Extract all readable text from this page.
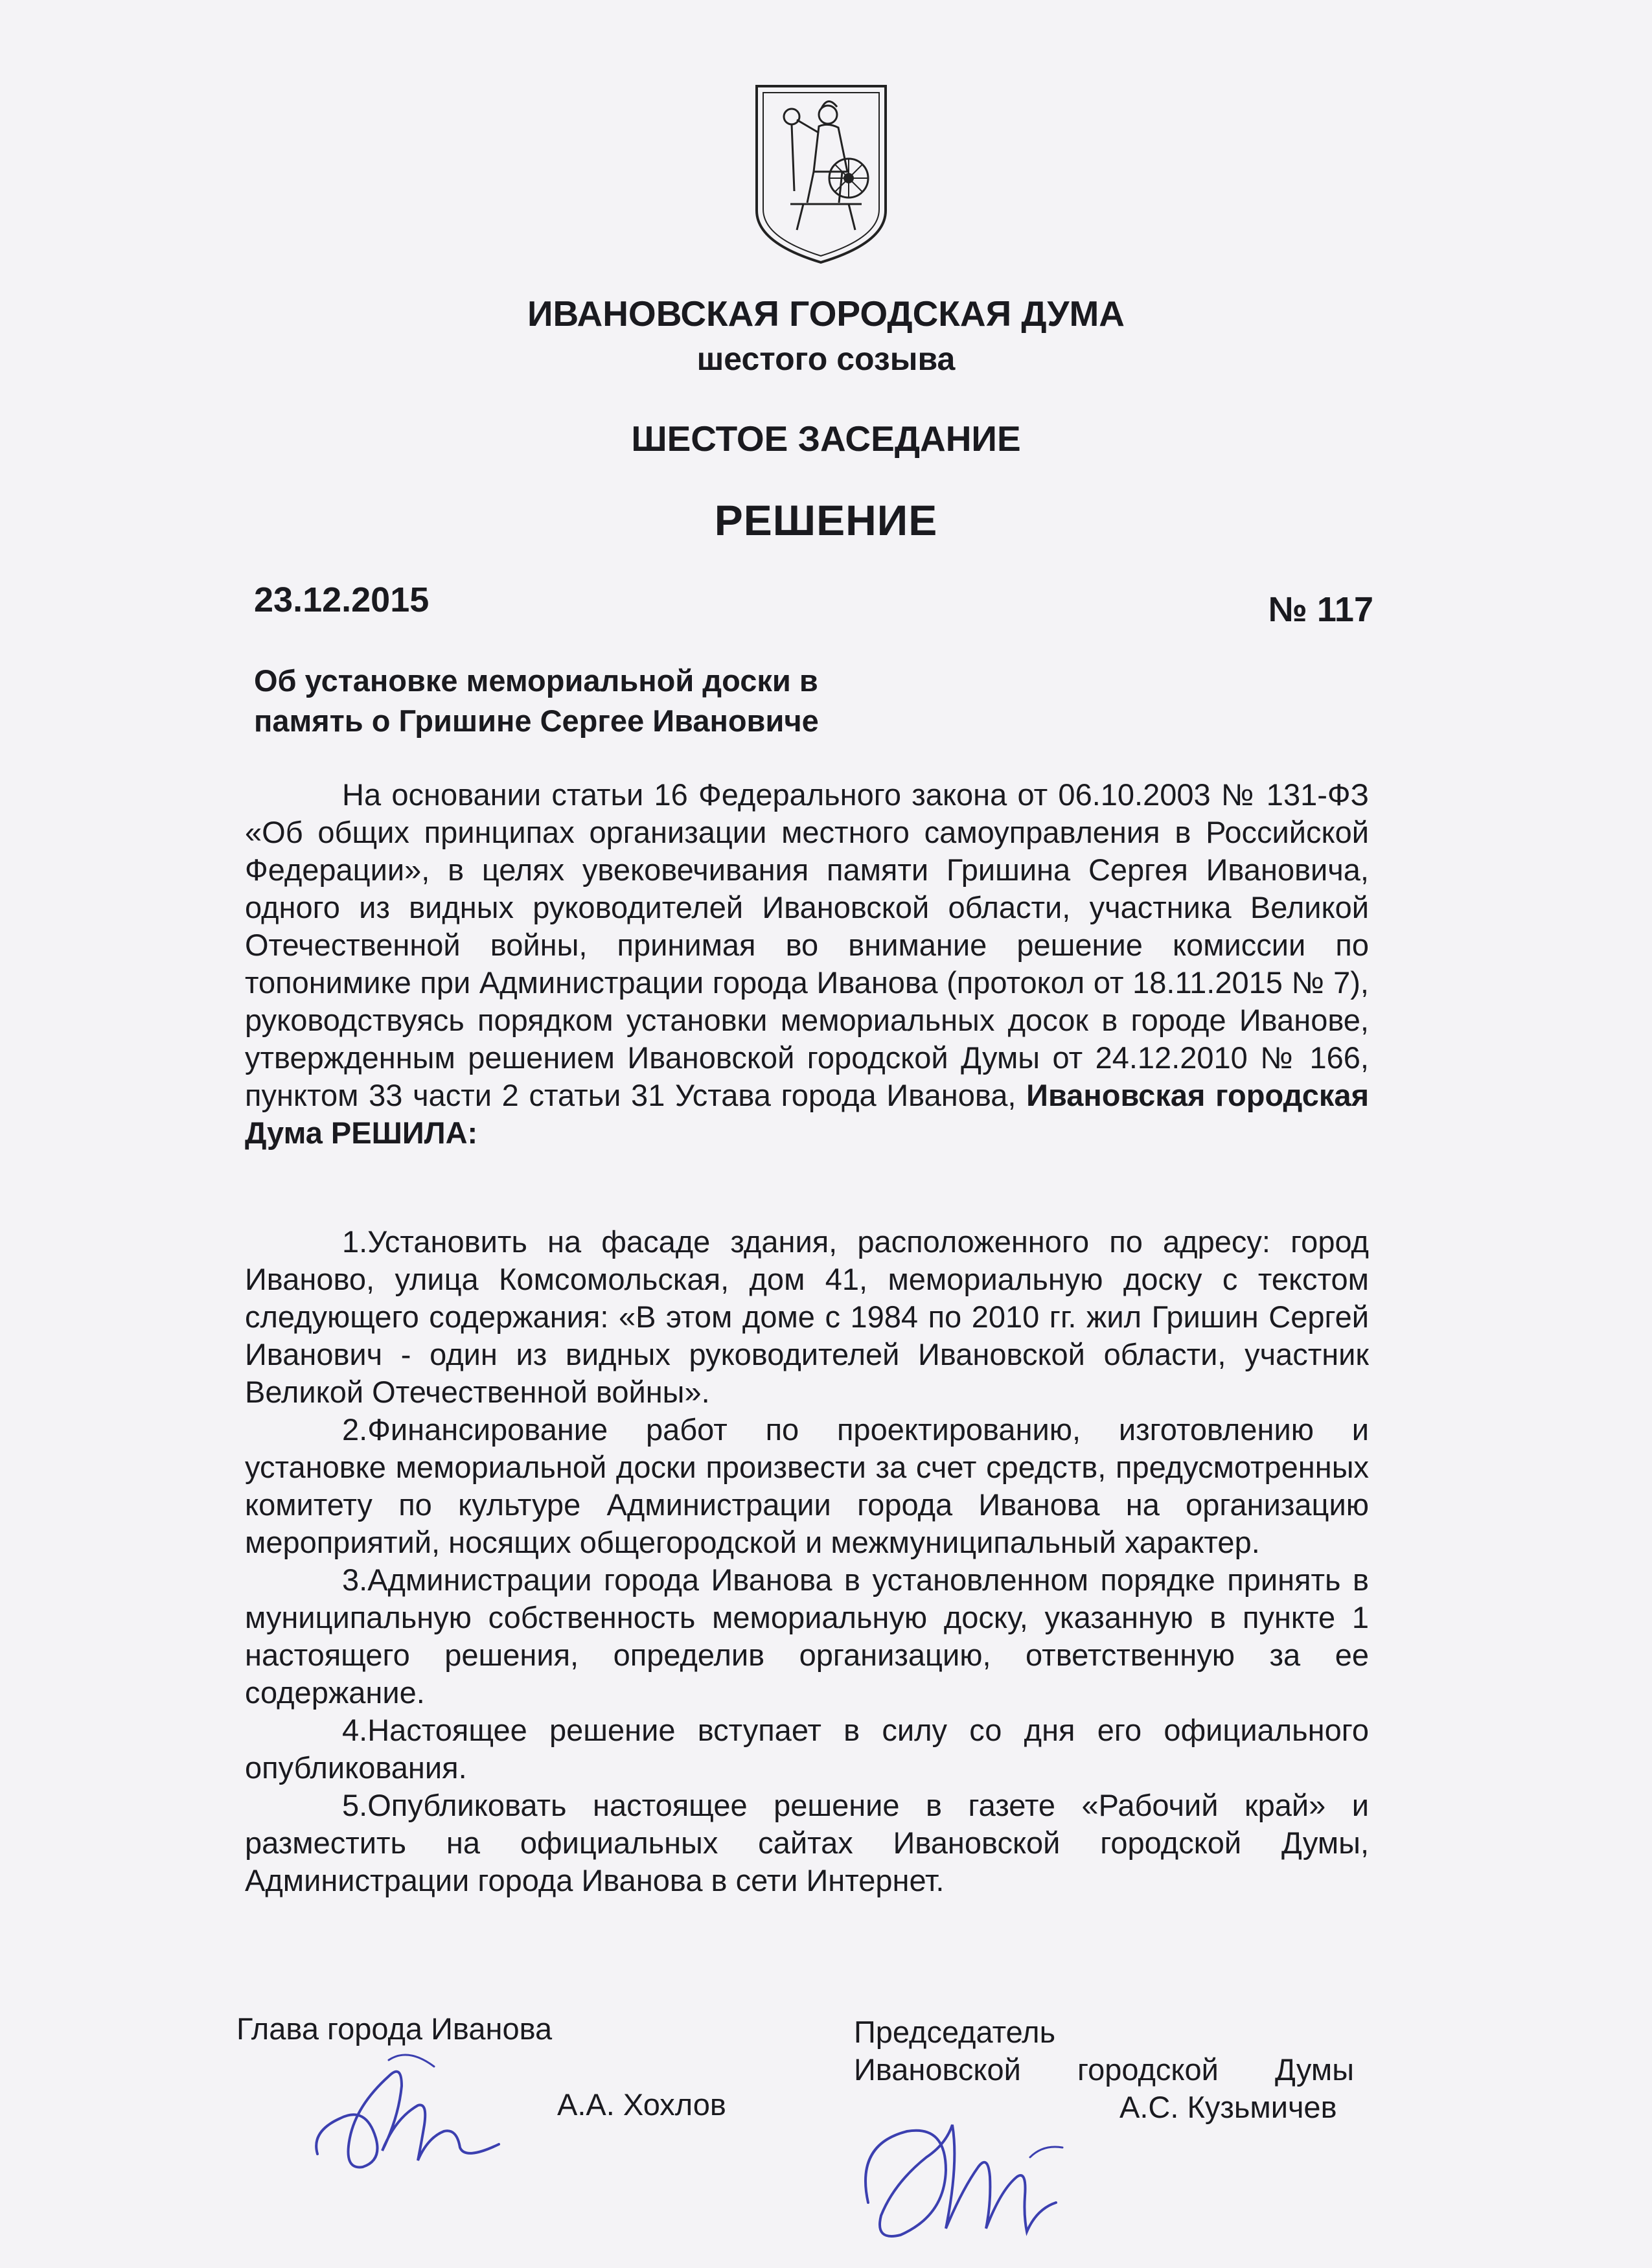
ИВАНОВСКАЯ ГОРОДСКАЯ ДУМА
шестого созыва
ШЕСТОЕ ЗАСЕДАНИЕ
РЕШЕНИЕ
23.12.2015	№ 117
Об установке мемориальной доски в
память о Гришине Сергее Ивановиче

На основании статьи 16 Федерального закона от 06.10.2003 № 131-ФЗ «Об общих принципах организации местного самоуправления в Российской Федерации», в целях увековечивания памяти Гришина Сергея Ивановича, одного из видных руководителей Ивановской области, участника Великой Отечественной войны, принимая во внимание решение комиссии по топонимике при Администрации города Иванова (протокол от 18.11.2015 № 7), руководствуясь порядком установки мемориальных досок в городе Иванове, утвержденным решением Ивановской городской Думы от 24.12.2010 № 166, пунктом 33 части 2 статьи 31 Устава города Иванова, Ивановская городская Дума РЕШИЛА:

1.Установить на фасаде здания, расположенного по адресу: город Иваново, улица Комсомольская, дом 41, мемориальную доску с текстом следующего содержания: «В этом доме с 1984 по 2010 гг. жил Гришин Сергей Иванович - один из видных руководителей Ивановской области, участник Великой Отечественной войны».

2.Финансирование работ по проектированию, изготовлению и установке мемориальной доски произвести за счет средств, предусмотренных комитету по культуре Администрации города Иванова на организацию мероприятий, носящих общегородской и межмуниципальный характер.

3.Администрации города Иванова в установленном порядке принять в муниципальную собственность мемориальную доску, указанную в пункте 1 настоящего решения, определив организацию, ответственную за ее содержание.

4.Настоящее решение вступает в силу со дня его официального опубликования.

5.Опубликовать настоящее решение в газете «Рабочий край» и разместить на официальных сайтах Ивановской городской Думы, Администрации города Иванова в сети Интернет.

Глава города Иванова
А.А. Хохлов
Председатель
Ивановской городской Думы
А.С. Кузьмичев
